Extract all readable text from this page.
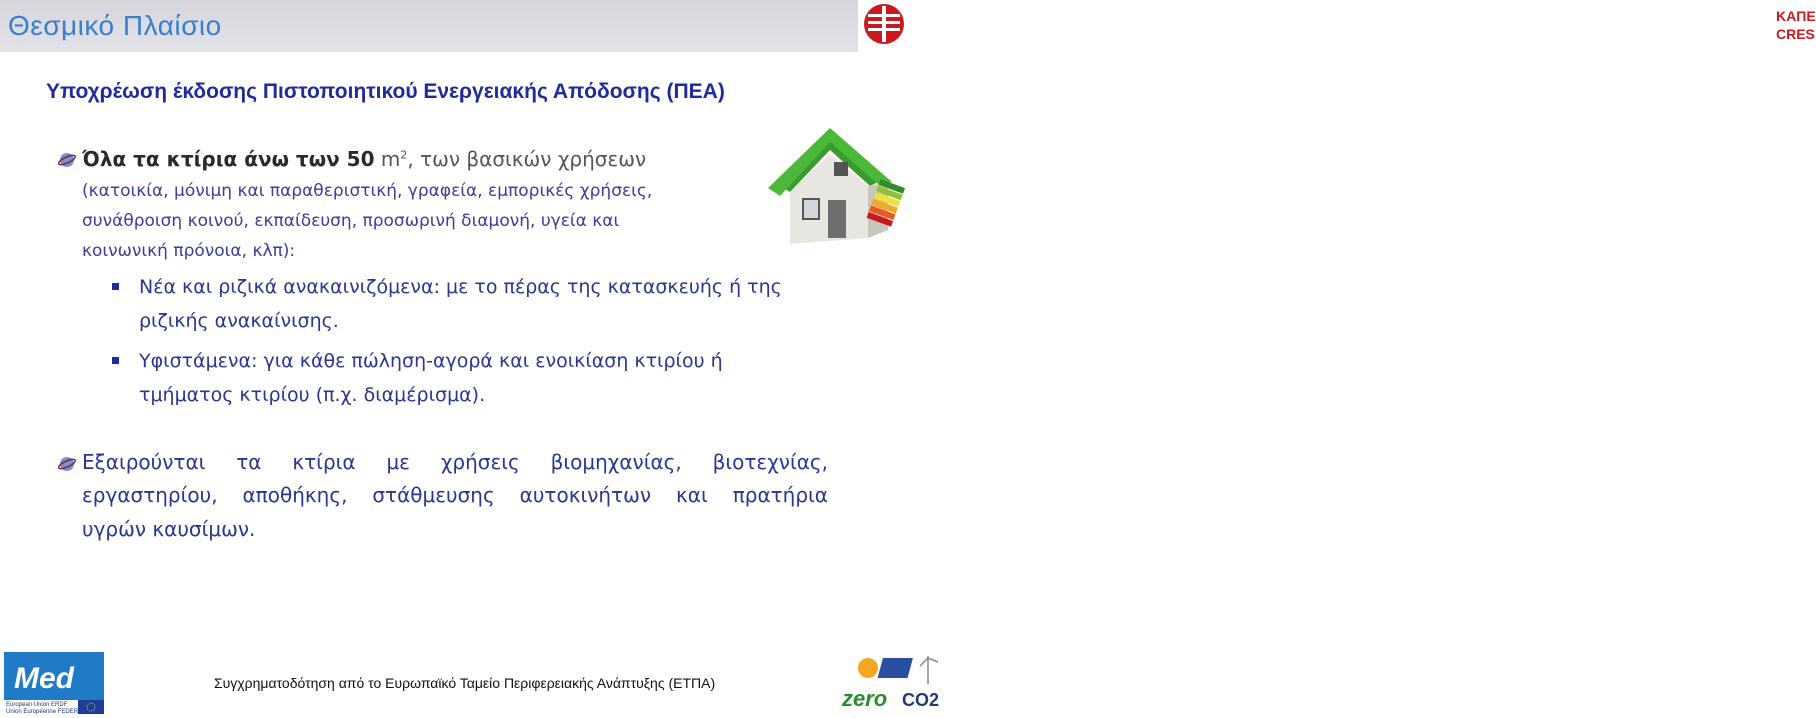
Θεσμικό Πλαίσιο	ΚΑΠΕ
CRES
Υποχρέωση έκδοσης Πιστοποιητικού Ενεργειακής Απόδοσης (ΠΕΑ)
Όλα τα κτίρια άνω των 50 $m^2$, των βασικών χρήσεων
(κατοικία, μόνιμη και παραθεριστική, γραφεία, εμπορικές χρήσεις,
συνάθροιση κοινού, εκπαίδευση, προσωρινή διαμονή, υγεία και
κοινωνική πρόνοια, κλπ):
Νέα και ριζικά ανακαινιζόμενα: με το πέρας της κατασκευής ή της
ριζικής ανακαίνισης.
Υφιστάμενα: για κάθε πώληση-αγορά και ενοικίαση κτιρίου ή
τμήματος κτιρίου (π.χ. διαμέρισμα).
Εξαιρούνται τα κτίρια με χρήσεις βιομηχανίας, βιοτεχνίας,
εργαστηρίου, αποθήκης, στάθμευσης αυτοκινήτων και πρατήρια
υγρών καυσίμων.
Med
European Union ERDF
Union Européenne FEDER
Συγχρηματοδότηση από το Ευρωπαϊκό Ταμείο Περιφερειακής Ανάπτυξης (ΕΤΠΑ)
zero CO2
